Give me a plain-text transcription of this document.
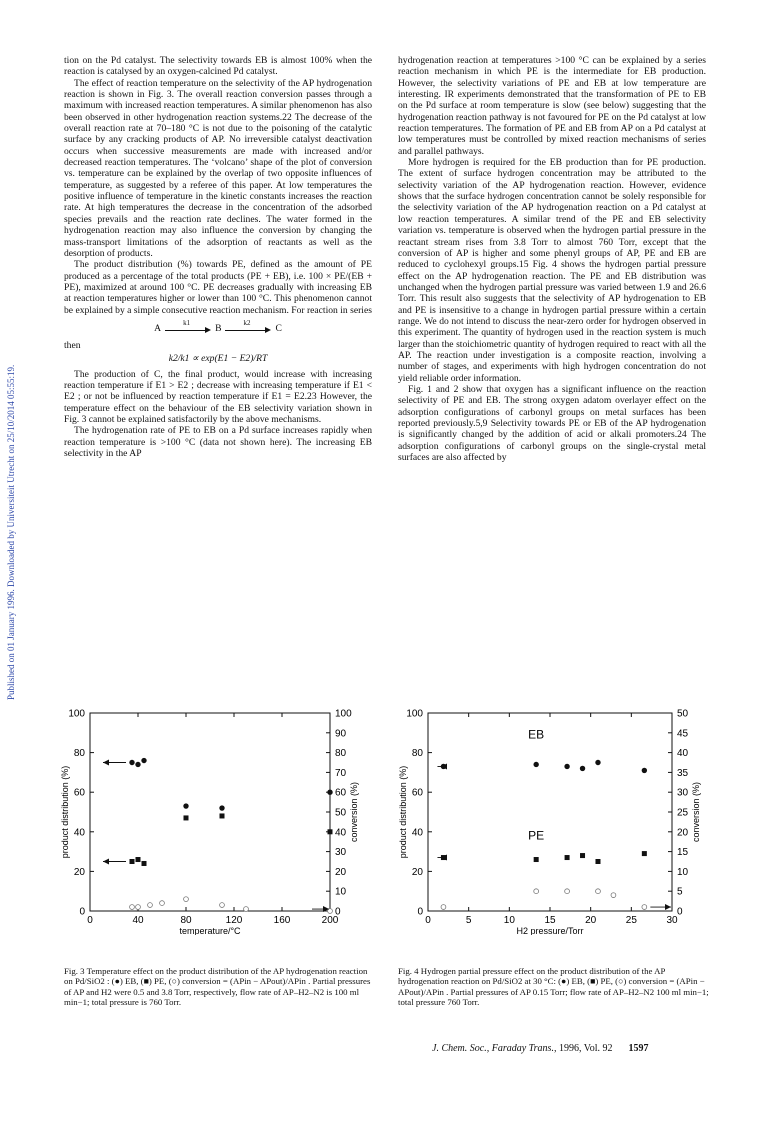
Published on 01 January 1996. Downloaded by Universiteit Utrecht on 25/10/2014 05:55:19.

tion on the Pd catalyst. The selectivity towards EB is almost 100% when the reaction is catalysed by an oxygen-calcined Pd catalyst.

The effect of reaction temperature on the selectivity of the AP hydrogenation reaction is shown in Fig. 3. The overall reaction conversion passes through a maximum with increased reaction temperatures. A similar phenomenon has also been observed in other hydrogenation reaction systems.22 The decrease of the overall reaction rate at 70–180 °C is not due to the poisoning of the catalytic surface by any cracking products of AP. No irreversible catalyst deactivation occurs when successive measurements are made with increased and/or decreased reaction temperatures. The ‘volcano’ shape of the plot of conversion vs. temperature can be explained by the overlap of two opposite influences of temperature, as suggested by a referee of this paper. At low temperatures the positive influence of temperature in the kinetic constants increases the reaction rate. At high temperatures the decrease in the concentration of the adsorbed species prevails and the reaction rate declines. The water formed in the hydrogenation reaction may also influence the conversion by changing the mass-transport limitations of the adsorption of reactants as well as the desorption of products.

The product distribution (%) towards PE, defined as the amount of PE produced as a percentage of the total products (PE + EB), i.e. 100 × PE/(EB + PE), maximized at around 100 °C. PE decreases gradually with increasing EB at reaction temperatures higher or lower than 100 °C. This phenomenon cannot be explained by a simple consecutive reaction mechanism. For reaction in series

A
k1
B
k2
C

then

k2/k1 ∝ exp(E1 − E2)/RT

The production of C, the final product, would increase with increasing reaction temperature if E1 > E2 ; decrease with increasing temperature if E1 < E2 ; or not be influenced by reaction temperature if E1 = E2.23 However, the temperature effect on the behaviour of the EB selectivity variation shown in Fig. 3 cannot be explained satisfactorily by the above mechanisms.

The hydrogenation rate of PE to EB on a Pd surface increases rapidly when reaction temperature is >100 °C (data not shown here). The increasing EB selectivity in the AP

hydrogenation reaction at temperatures >100 °C can be explained by a series reaction mechanism in which PE is the intermediate for EB production. However, the selectivity variations of PE and EB at low temperature are interesting. IR experiments demonstrated that the transformation of PE to EB on the Pd surface at room temperature is slow (see below) suggesting that the hydrogenation reaction pathway is not favoured for PE on the Pd catalyst at low reaction temperatures. The formation of PE and EB from AP on a Pd catalyst at low temperatures must be controlled by mixed reaction mechanisms of series and parallel pathways.

More hydrogen is required for the EB production than for PE production. The extent of surface hydrogen concentration may be attributed to the selectivity variation of the AP hydrogenation reaction. However, evidence shows that the surface hydrogen concentration cannot be solely responsible for the selectivity variation of the AP hydrogenation reaction on a Pd catalyst at low reaction temperatures. A similar trend of the PE and EB selectivity variation vs. temperature is observed when the hydrogen partial pressure in the reactant stream rises from 3.8 Torr to almost 760 Torr, except that the conversion of AP is higher and some phenyl groups of AP, PE and EB are reduced to cyclohexyl groups.15 Fig. 4 shows the hydrogen partial pressure effect on the AP hydrogenation reaction. The PE and EB distribution was unchanged when the hydrogen partial pressure was varied between 1.9 and 26.6 Torr. This result also suggests that the selectivity of AP hydrogenation to EB and PE is insensitive to a change in hydrogen partial pressure within a certain range. We do not intend to discuss the near-zero order for hydrogen observed in this experiment. The quantity of hydrogen used in the reaction system is much larger than the stoichiometric quantity of hydrogen required to react with all the AP. The reaction under investigation is a composite reaction, involving a number of stages, and experiments with high hydrogen concentration do not yield reliable order information.

Fig. 1 and 2 show that oxygen has a significant influence on the reaction selectivity of PE and EB. The strong oxygen adatom overlayer effect on the adsorption configurations of carbonyl groups on metal surfaces has been reported previously.5,9 Selectivity towards PE or EB of the AP hydrogenation is significantly changed by the addition of acid or alkali promoters.24 The adsorption configurations of carbonyl groups on the single-crystal metal surfaces are also affected by

0	40	80	120	160	200
0
20
40
60
80
100
0
10
20
30
40
50
60
70
80
90
100
temperature/°C
product distribution (%)	conversion (%)
0	5	10	15	20	25	30
0
20
40
60
80
100
0
5
10
15
20
25
30
35
40
45
50
H2 pressure/Torr
product distribution (%)	conversion (%)
EB
PE
Fig. 3 Temperature effect on the product distribution of the AP hydrogenation reaction on Pd/SiO2 : (●) EB, (■) PE, (○) conversion = (APin − APout)/APin . Partial pressures of AP and H2 were 0.5 and 3.8 Torr, respectively, flow rate of AP–H2–N2 is 100 ml min−1; total pressure is 760 Torr.
Fig. 4 Hydrogen partial pressure effect on the product distribution of the AP hydrogenation reaction on Pd/SiO2 at 30 °C: (●) EB, (■) PE, (○) conversion = (APin − APout)/APin . Partial pressures of AP 0.15 Torr; flow rate of AP–H2–N2 100 ml min−1; total pressure 760 Torr.
J. Chem. Soc., Faraday Trans., 1996, Vol. 92 1597
